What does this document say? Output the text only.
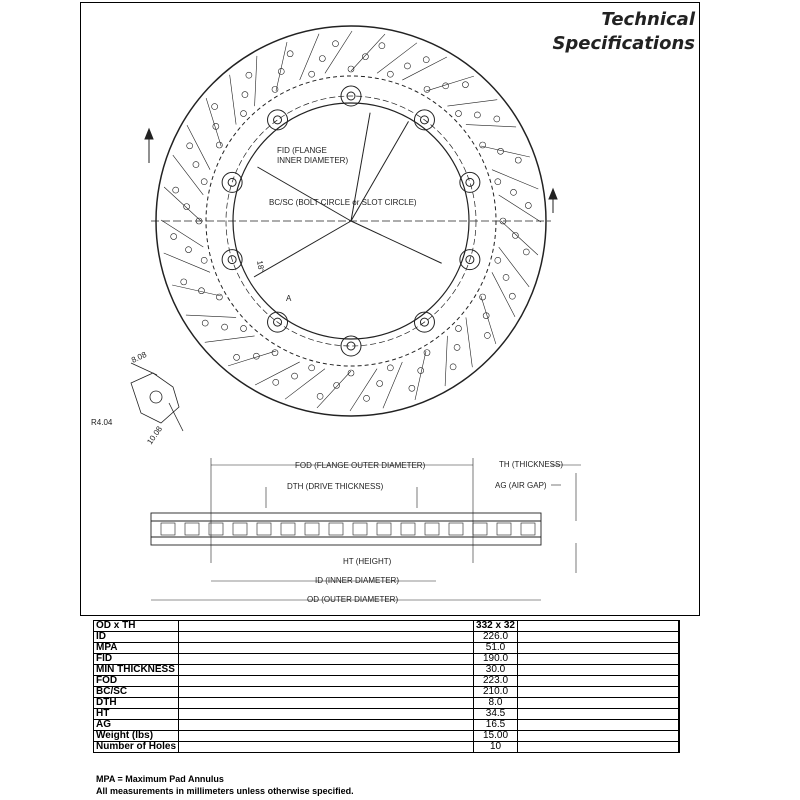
FID (FLANGE
INNER DIAMETER)
BC/SC (BOLT CIRCLE or SLOT CIRCLE)
18°
A
8.08
R4.04
10.08
FOD (FLANGE OUTER DIAMETER)
DTH (DRIVE THICKNESS)
TH (THICKNESS)
AG (AIR GAP)
HT (HEIGHT)
ID (INNER DIAMETER)
OD (OUTER DIAMETER)
Technical
Specifications
OD x TH		332 x 32	
ID		226.0	
MPA		51.0	
FID		190.0	
MIN THICKNESS		30.0	
FOD		223.0	
BC/SC		210.0	
DTH		8.0	
HT		34.5	
AG		16.5	
Weight (lbs)		15.00	
Number of Holes		10	
MPA = Maximum Pad Annulus
All measurements in millimeters unless otherwise specified.
